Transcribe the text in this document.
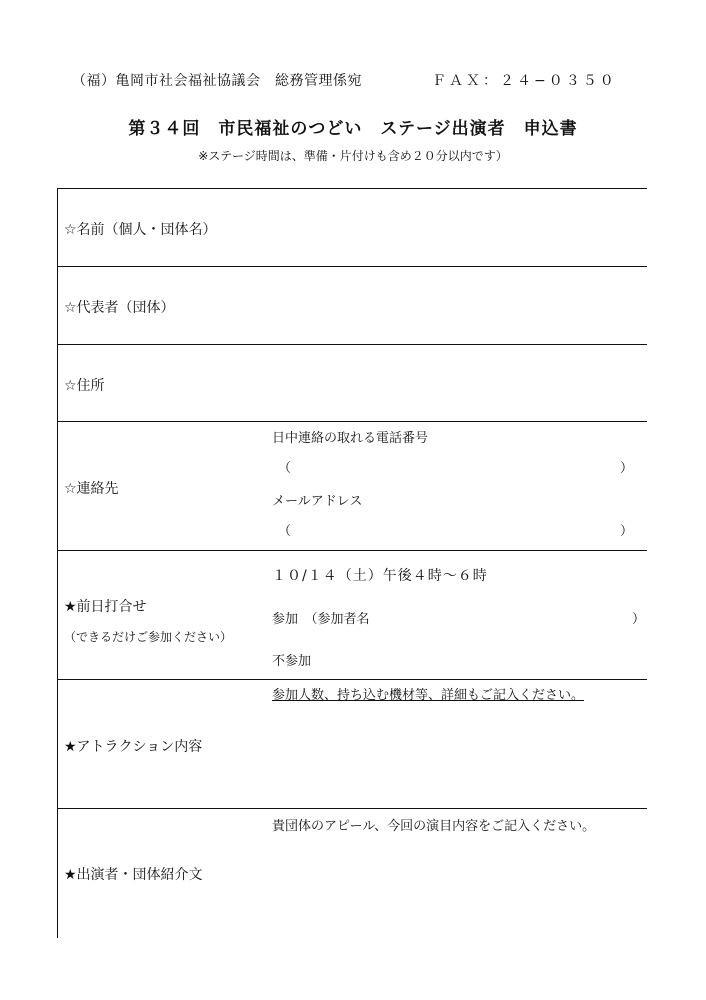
（福）亀岡市社会福祉協議会　総務管理係宛	ＦＡＸ：２４−０３５０
第３４回　市民福祉のつどい　ステージ出演者　申込書
※ステージ時間は、準備・片付けも含め２０分以内です）
☆名前（個人・団体名）
☆代表者（団体）
☆住所
☆連絡先
日中連絡の取れる電話番号
（	）
メールアドレス
（	）
★前日打合せ
（できるだけご参加ください）
１０/１４（土）午後４時～６時
参加　（参加者名	）
不参加
★アトラクション内容
参加人数、持ち込む機材等、詳細もご記入ください。
★出演者・団体紹介文
貴団体のアピール、今回の演目内容をご記入ください。
